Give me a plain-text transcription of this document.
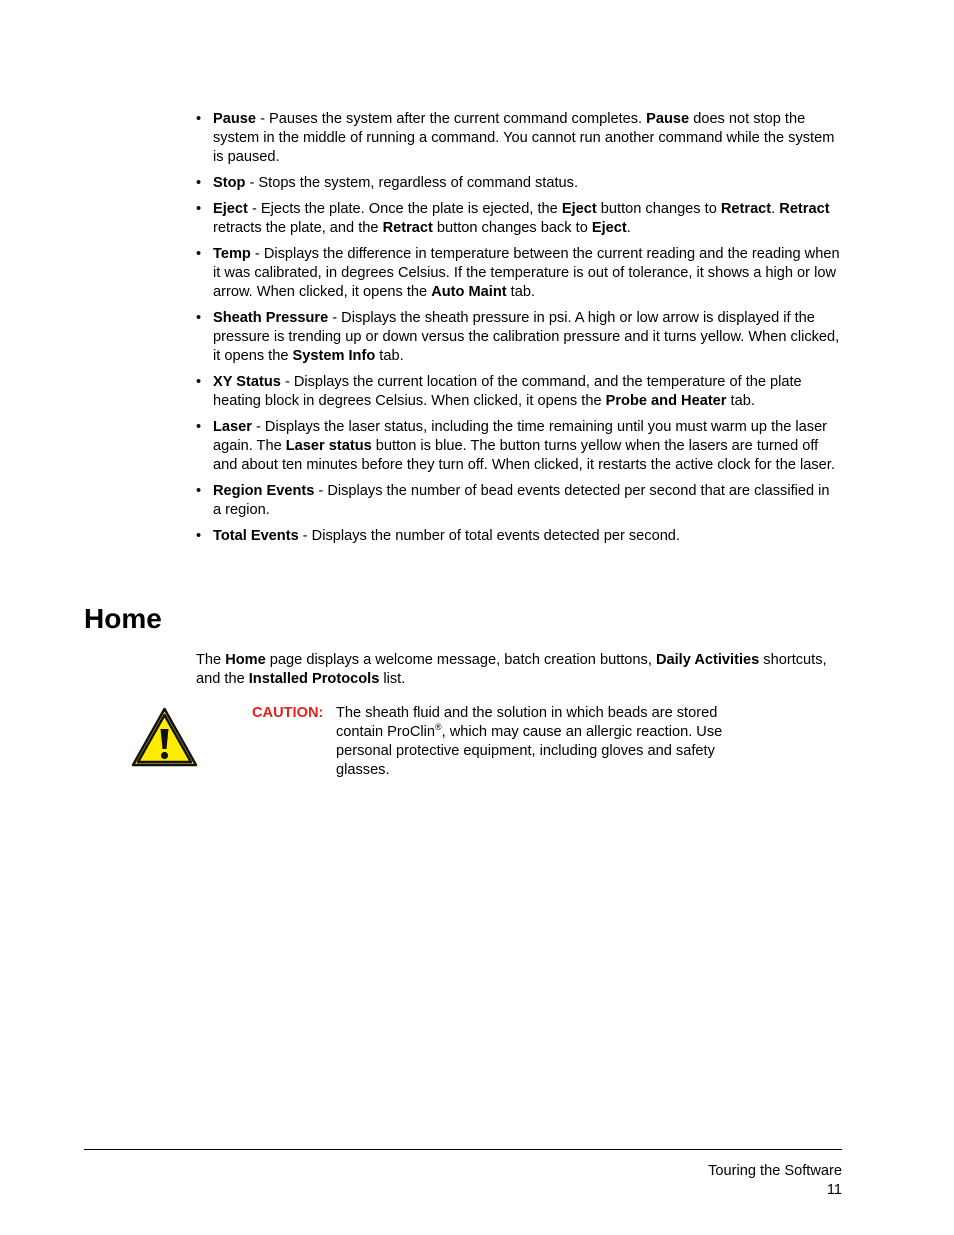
• Pause - Pauses the system after the current command completes. Pause does not stop the system in the middle of running a command. You cannot run another command while the system is paused.
• Stop - Stops the system, regardless of command status.
• Eject - Ejects the plate. Once the plate is ejected, the Eject button changes to Retract. Retract retracts the plate, and the Retract button changes back to Eject.
• Temp - Displays the difference in temperature between the current reading and the reading when it was calibrated, in degrees Celsius. If the temperature is out of tolerance, it shows a high or low arrow. When clicked, it opens the Auto Maint tab.
• Sheath Pressure - Displays the sheath pressure in psi. A high or low arrow is displayed if the pressure is trending up or down versus the calibration pressure and it turns yellow. When clicked, it opens the System Info tab.
• XY Status - Displays the current location of the command, and the temperature of the plate heating block in degrees Celsius. When clicked, it opens the Probe and Heater tab.
• Laser - Displays the laser status, including the time remaining until you must warm up the laser again. The Laser status button is blue. The button turns yellow when the lasers are turned off and about ten minutes before they turn off. When clicked, it restarts the active clock for the laser.
• Region Events - Displays the number of bead events detected per second that are classified in a region.
• Total Events - Displays the number of total events detected per second.
Home

The Home page displays a welcome message, batch creation buttons, Daily Activities shortcuts, and the Installed Protocols list.

CAUTION: The sheath fluid and the solution in which beads are stored contain ProClin®, which may cause an allergic reaction. Use personal protective equipment, including gloves and safety glasses.

Touring the Software
11
